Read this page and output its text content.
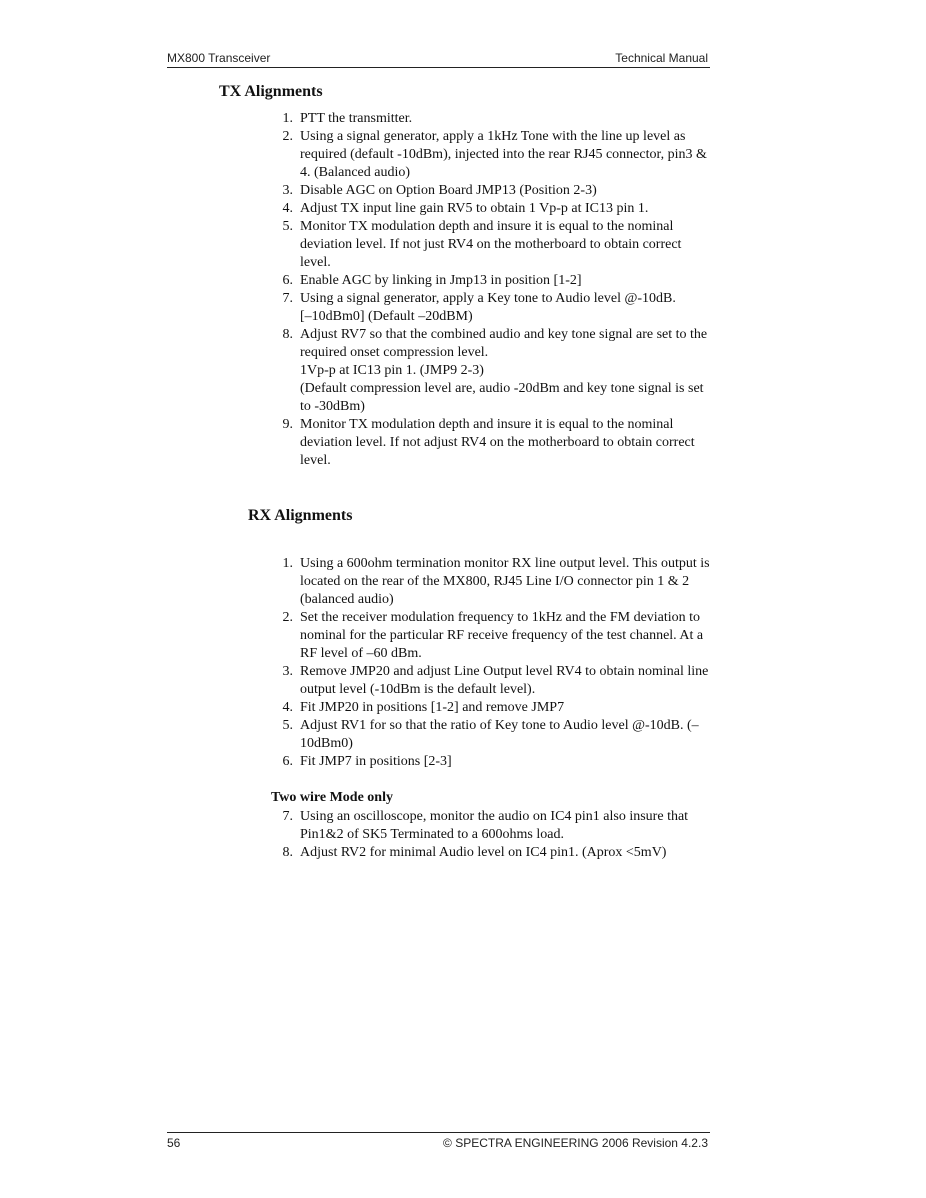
MX800 Transceiver	Technical Manual
TX Alignments
1. PTT the transmitter.
2. Using a signal generator, apply a 1kHz Tone with the line up level as required (default -10dBm), injected into the rear RJ45 connector, pin3 & 4. (Balanced audio)
3. Disable AGC on Option Board JMP13 (Position 2-3)
4. Adjust TX input line gain RV5 to obtain 1 Vp-p at IC13 pin 1.
5. Monitor TX modulation depth and insure it is equal to the nominal deviation level. If not just RV4 on the motherboard to obtain correct level.
6. Enable AGC by linking in Jmp13 in position [1-2]
7. Using a signal generator, apply a Key tone to Audio level @-10dB.
[–10dBm0] (Default –20dBM)
8. Adjust RV7 so that the combined audio and key tone signal are set to the required onset compression level.
1Vp-p at IC13 pin 1. (JMP9 2-3)
(Default compression level are, audio -20dBm and key tone signal is set to -30dBm)
9. Monitor TX modulation depth and insure it is equal to the nominal deviation level. If not adjust RV4 on the motherboard to obtain correct level.
RX Alignments
1. Using a 600ohm termination monitor RX line output level. This output is located on the rear of the MX800, RJ45 Line I/O connector pin 1 & 2 (balanced audio)
2. Set the receiver modulation frequency to 1kHz and the FM deviation to nominal for the particular RF receive frequency of the test channel. At a RF level of –60 dBm.
3. Remove JMP20 and adjust Line Output level RV4 to obtain nominal line output level (-10dBm is the default level).
4. Fit JMP20 in positions [1-2] and remove JMP7
5. Adjust RV1 for so that the ratio of Key tone to Audio level @-10dB. (–10dBm0)
6. Fit JMP7 in positions [2-3]
Two wire Mode only
7. Using an oscilloscope, monitor the audio on IC4 pin1 also insure that Pin1&2 of SK5 Terminated to a 600ohms load.
8. Adjust RV2 for minimal Audio level on IC4 pin1. (Aprox <5mV)
56	© SPECTRA ENGINEERING 2006 Revision 4.2.3
